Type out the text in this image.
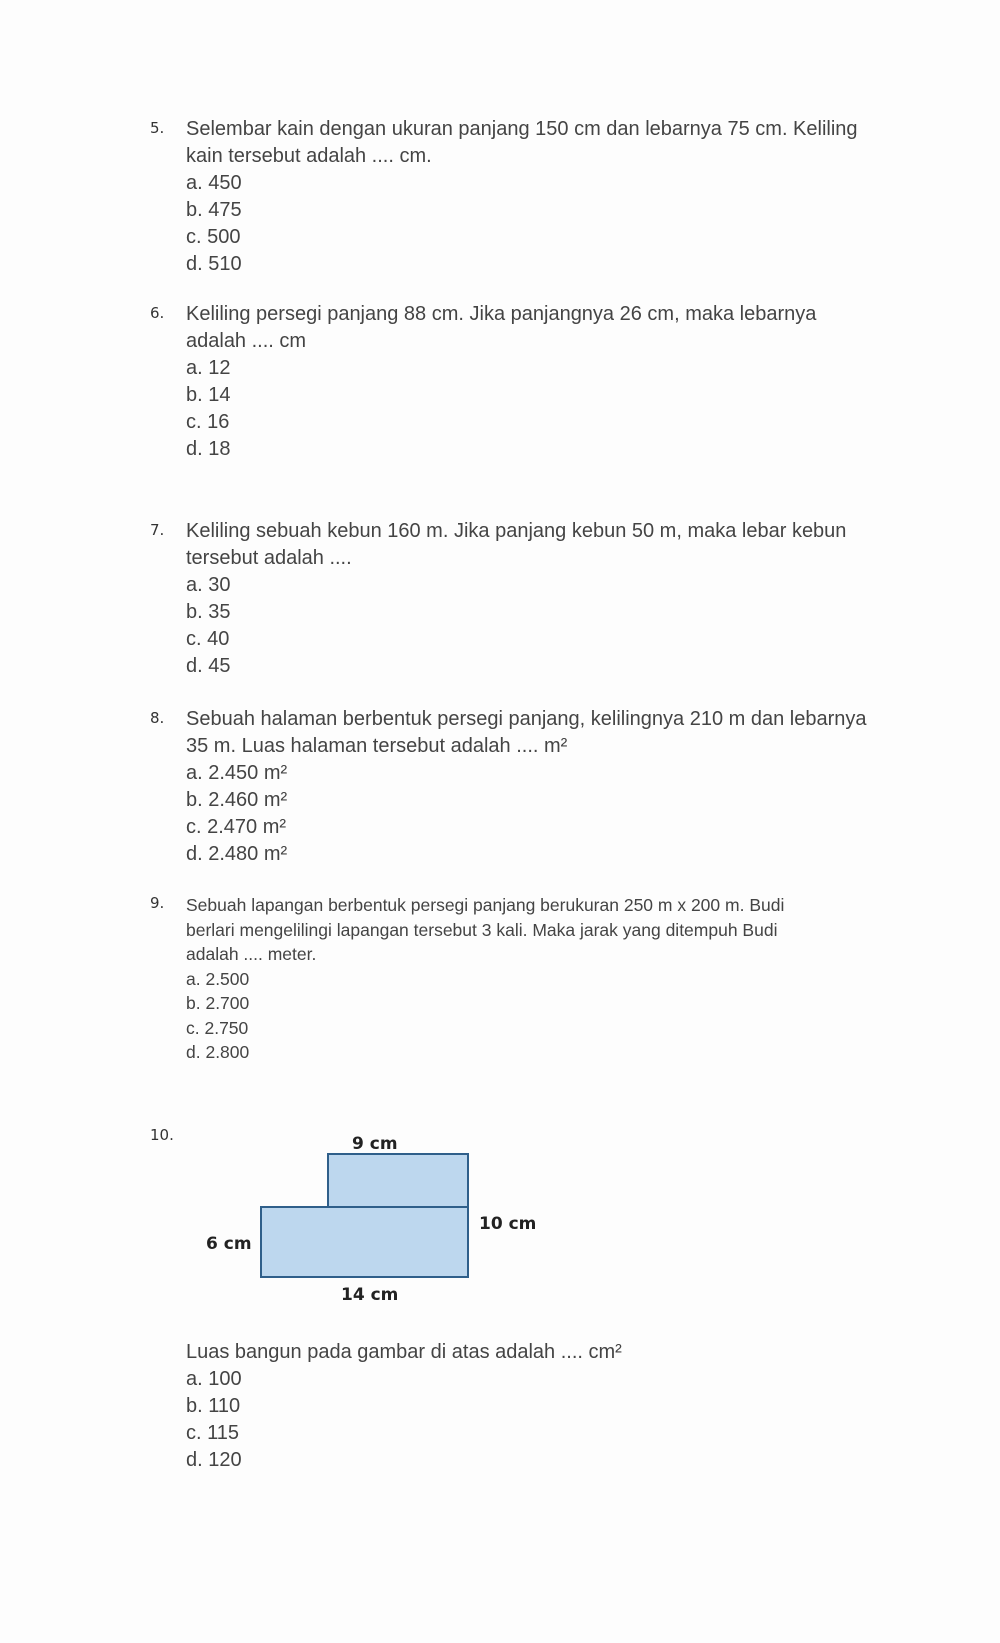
5. Selembar kain dengan ukuran panjang 150 cm dan lebarnya 75 cm. Keliling

kain tersebut adalah .... cm.

a. 450

b. 475

c. 500

d. 510

6. Keliling persegi panjang 88 cm. Jika panjangnya 26 cm, maka lebarnya

adalah .... cm

a. 12

b. 14

c. 16

d. 18

7. Keliling sebuah kebun 160 m. Jika panjang kebun 50 m, maka lebar kebun

tersebut adalah ....

a. 30

b. 35

c. 40

d. 45

8. Sebuah halaman berbentuk persegi panjang, kelilingnya 210 m dan lebarnya

35 m. Luas halaman tersebut adalah .... m²

a. 2.450 m²

b. 2.460 m²

c. 2.470 m²

d. 2.480 m²

9. Sebuah lapangan berbentuk persegi panjang berukuran 250 m x 200 m. Budi

berlari mengelilingi lapangan tersebut 3 kali. Maka jarak yang ditempuh Budi

adalah .... meter.

a. 2.500

b. 2.700

c. 2.750

d. 2.800

10.	9 cm
10 cm
6 cm
14 cm

Luas bangun pada gambar di atas adalah .... cm²

a. 100

b. 110

c. 115

d. 120
